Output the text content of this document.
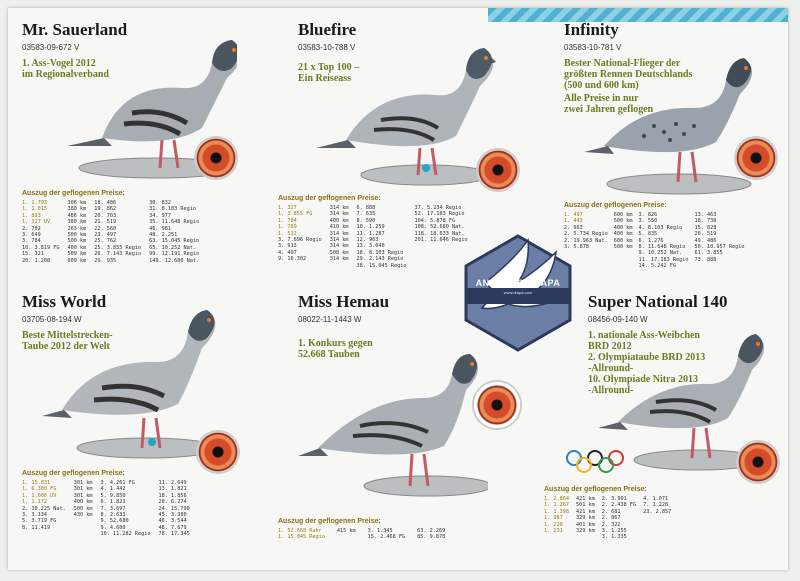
Mr. Sauerland
03583-09-672 V
1. Ass-Vogel 2012
im Regionalverband
Auszug der geflogenen Preise:
1. 1.793
1. 1.015
1. 893
1. 327 UV
2. 782
3. 649
3. 784
10. 3.819 FG
15. 321
20. 1.208
306 km
380 km
486 km
380 km
263 km
500 km
500 km
400 km
509 km
609 km
18. 486
19. 862
20. 703
21. 519
22. 560
23. 497
25. 762
25. 3.855 Regio
26. 7.143 Regio
29. 935
30. 832
31. 8.183 Regio
34. 977
35. 11.648 Regio
46. 981
48. 2.251
63. 15.045 Regio
65. 10.252 Nat.
99. 12.191 Regio
149. 12.680 Nat.
Bluefire
03583-10-788 V
21 x Top 100 –
Ein Reiseass
Auszug der geflogenen Preise:
1. 327
1. 3.855 FG
1. 784
1. 789
1. 532
3. 7.896 Regio
3. 913
4. 497
9. 16.302
314 km
314 km
400 km
410 km
314 km
314 km
314 km
508 km
314 km
6. 888
7. 635
8. 590
10. 1.259
11. 1.287
12. 963
13. 3.040
18. 8.103 Regio
29. 2.143 Regio
38. 15.045 Regio
37. 5.234 Regio
52. 17.183 Regio
104. 5.878 FG
108. 52.680 Nat.
118. 18.633 Nat.
201. 11.646 Regio
Infinity
03583-10-781 V
Bester National-Flieger der
größten Rennen Deutschlands
(500 und 600 km)
Alle Preise in nur
zwei Jahren geflogen
Auszug der geflogenen Preise:
1. 497
1. 443
2. 963
2. 5.734 Regio
2. 19.963 Nat.
3. 5.878
600 km
500 km
400 km
400 km
600 km
500 km
3. 826
3. 550
4. 8.103 Regio
5. 835
6. 1.276
8. 11.648 Regio
9. 10.252 Nat.
11. 17.183 Regio
14. 5.242 FG
13. 463
18. 738
15. 828
20. 519
49. 486
50. 10.957 Regio
61. 3.855
73. 888
Miss World
03705-08-194 W
Beste Mittelstrecken-
Taube 2012 der Welt
Auszug der geflogenen Preise:
1. 15.831
1. 6.300 FG
1. 1.000 UV
1. 1.172
2. 10.225 Nat.
3. 3.134
5. 3.719 FG
8. 11.419
301 km
301 km
301 km
400 km
500 km
430 km
3. 4.261 FG
4. 1.442
5. 9.850
6. 1.821
7. 3.697
8. 2.633
9. 52.680
9. 4.600
10. 11.282 Regio
11. 2.649
13. 1.821
18. 1.856
20. 6.274
24. 15.790
45. 3.380
46. 3.544
48. 7.679
78. 17.345
Miss Hemau
08022-11-1443 W
1. Konkurs gegen
52.668 Tauben
Auszug der geflogenen Preise:
1. 52.668 Ruhr
1. 15.045 Regio
415 km 3. 1.345
15. 2.468 FG
63. 2.269
85. 9.878
Super National 140
08456-09-140 W
1. nationale Ass-Weibchen
BRD 2012
2. Olympiataube BRD 2013
-Allround-
10. Olympiade Nitra 2013
-Allround-
Auszug der geflogenen Preise:
1. 2.864
1. 1.267
1. 1.398
1. 987
1. 220
1. 231
421 km
501 km
421 km
329 km
401 km
329 km
2. 3.901
2. 2.438 FG
2. 681
2. 867
2. 322
3. 1.255
3. 1.335
4. 1.071
7. 1.228
23. 2.857
ANDREAS DRAPA
www.drapa.com
